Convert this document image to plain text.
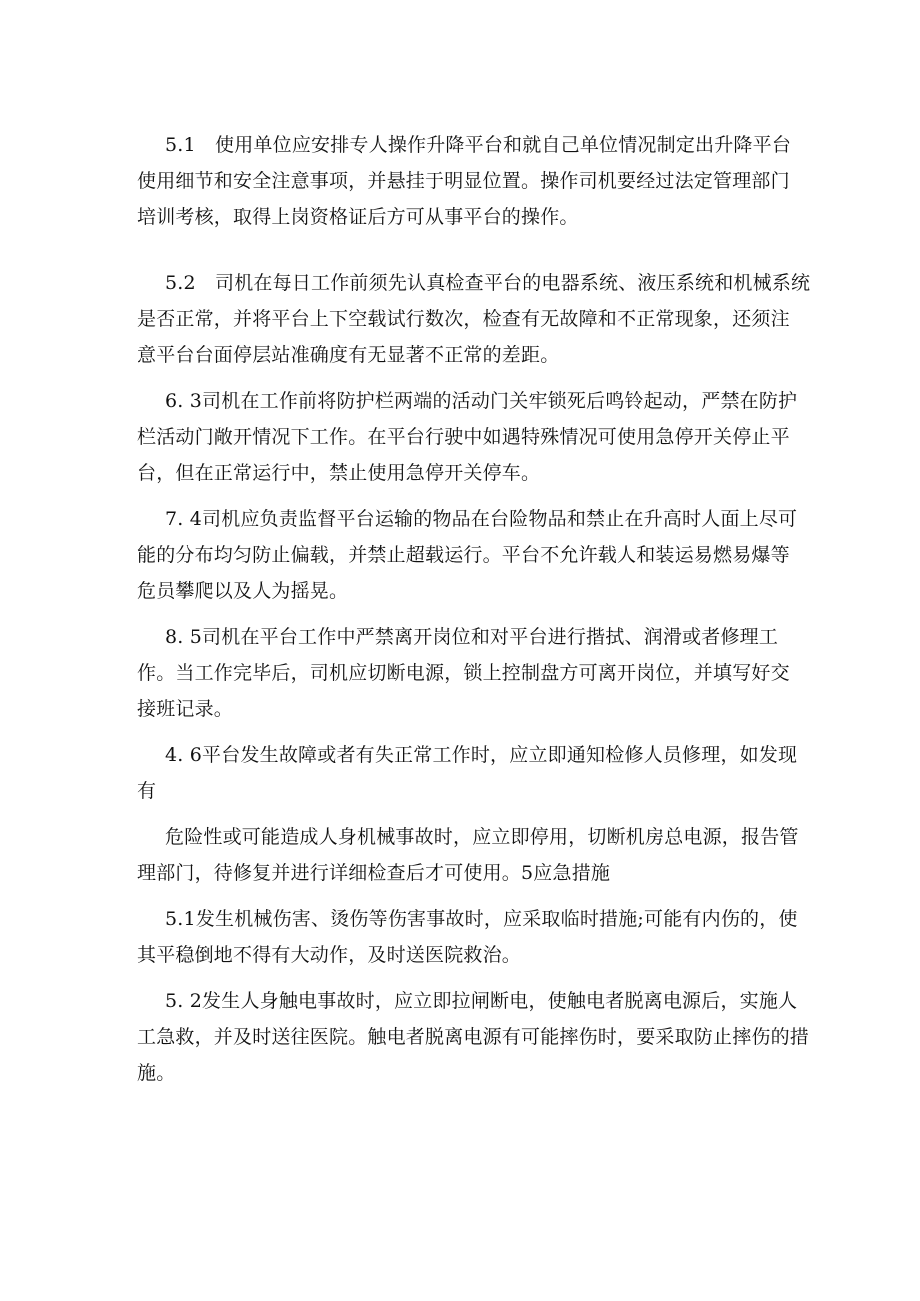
5.1　使用单位应安排专人操作升降平台和就自己单位情况制定出升降平台
使用细节和安全注意事项，并悬挂于明显位置。操作司机要经过法定管理部门
培训考核，取得上岗资格证后方可从事平台的操作。
5.2　司机在每日工作前须先认真检查平台的电器系统、液压系统和机械系统
是否正常，并将平台上下空载试行数次，检查有无故障和不正常现象，还须注
意平台台面停层站准确度有无显著不正常的差距。
6. 3司机在工作前将防护栏两端的活动门关牢锁死后鸣铃起动，严禁在防护
栏活动门敞开情况下工作。在平台行驶中如遇特殊情况可使用急停开关停止平
台，但在正常运行中，禁止使用急停开关停车。
7. 4司机应负责监督平台运输的物品在台险物品和禁止在升高时人面上尽可
能的分布均匀防止偏载，并禁止超载运行。平台不允许载人和装运易燃易爆等
危员攀爬以及人为摇晃。
8. 5司机在平台工作中严禁离开岗位和对平台进行揩拭、润滑或者修理工
作。当工作完毕后，司机应切断电源，锁上控制盘方可离开岗位，并填写好交
接班记录。
4. 6平台发生故障或者有失正常工作时，应立即通知检修人员修理，如发现
有
危险性或可能造成人身机械事故时，应立即停用，切断机房总电源，报告管
理部门，待修复并进行详细检查后才可使用。5应急措施
5.1发生机械伤害、烫伤等伤害事故时，应采取临时措施;可能有内伤的，使
其平稳倒地不得有大动作，及时送医院救治。
5. 2发生人身触电事故时，应立即拉闸断电，使触电者脱离电源后，实施人
工急救，并及时送往医院。触电者脱离电源有可能摔伤时，要采取防止摔伤的措
施。
